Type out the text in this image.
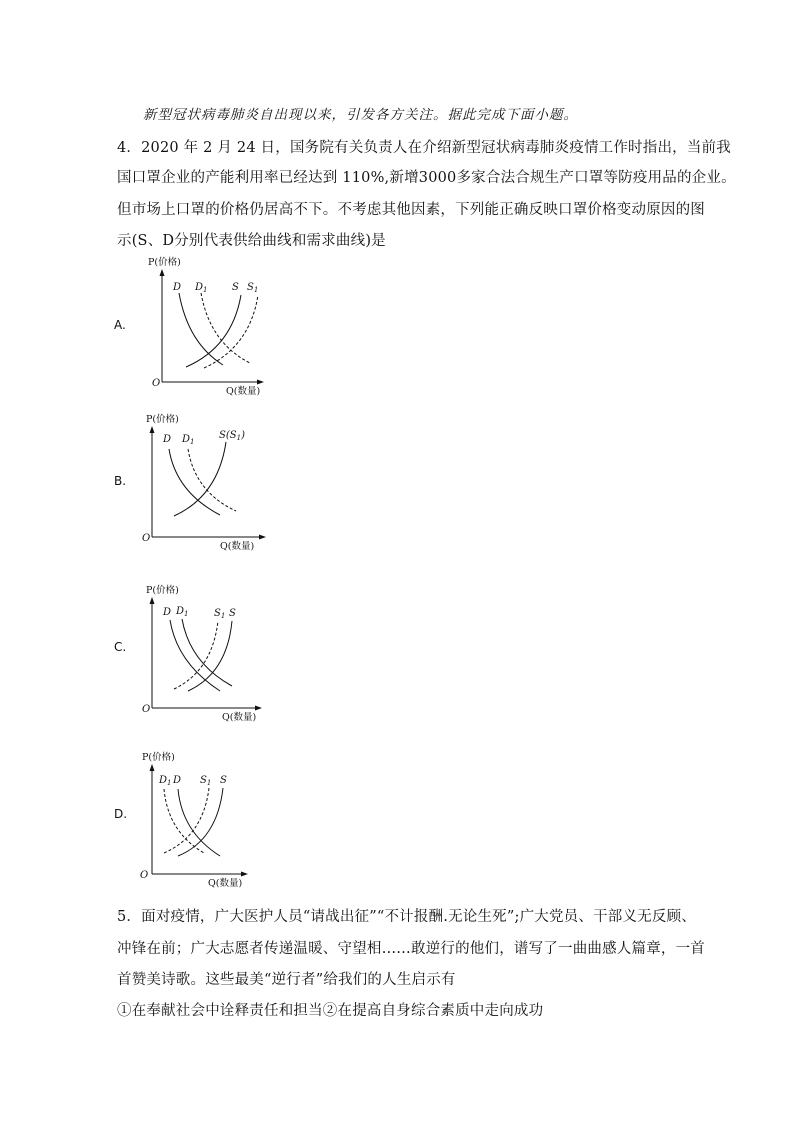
新型冠状病毒肺炎自出现以来，引发各方关注。据此完成下面小题。
4．2020 年 2 月 24 日，国务院有关负责人在介绍新型冠状病毒肺炎疫情工作时指出，当前我
国口罩企业的产能利用率已经达到 110%,新增3000多家合法合规生产口罩等防疫用品的企业。
但市场上口罩的价格仍居高不下。不考虑其他因素，下列能正确反映口罩价格变动原因的图
示(S、D分别代表供给曲线和需求曲线)是
A.
P(价格)
Q(数量)
O
D $D_1$ S $S_1$
B.
P(价格)
Q(数量)
O
D $D_1$
$S(S_1)$
C.
P(价格)
Q(数量)
O
D $D_1$	$S_1$ S
D.
P(价格)
Q(数量)
O
$D_1$ D $S_1$ S
5．面对疫情，广大医护人员“请战出征”“不计报酬.无论生死”;广大党员、干部义无反顾、
冲锋在前；广大志愿者传递温暖、守望相……敢逆行的他们，谱写了一曲曲感人篇章，一首
首赞美诗歌。这些最美“逆行者”给我们的人生启示有
①在奉献社会中诠释责任和担当②在提高自身综合素质中走向成功
